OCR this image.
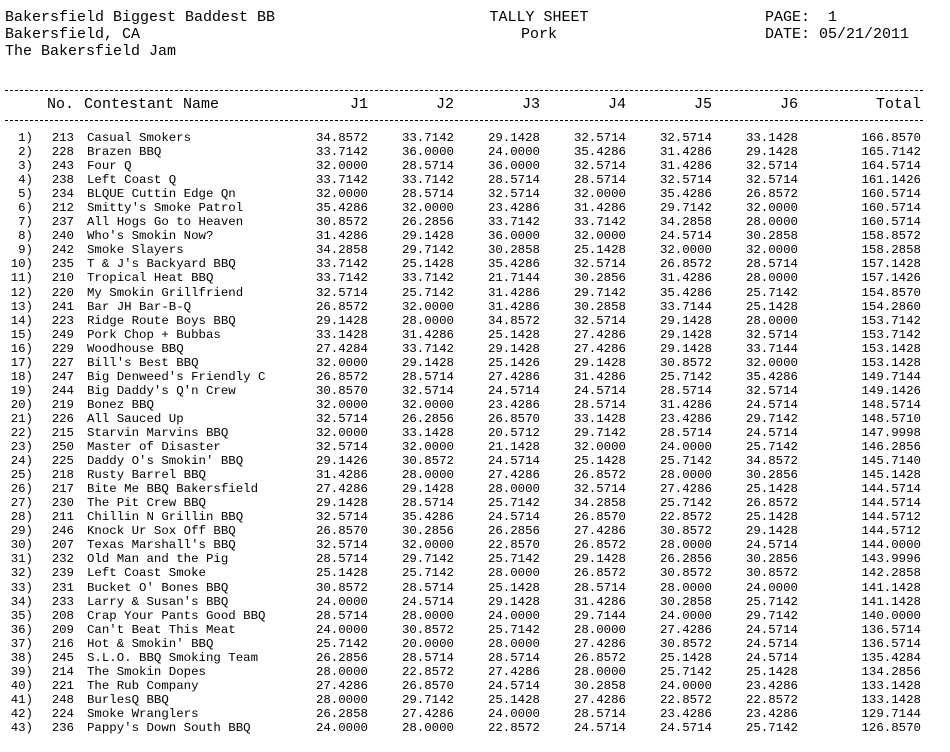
Bakersfield Biggest Baddest BB
Bakersfield, CA
The Bakersfield Jam
TALLY SHEET
Pork
PAGE:  1
DATE: 05/21/2011
No. Contestant Name	J1	J2	J3	J4	J5	J6	Total
1)	213 Casual Smokers	34.8572	33.7142	29.1428	32.5714	32.5714	33.1428	166.8570
2)	228 Brazen BBQ	33.7142	36.0000	24.0000	35.4286	31.4286	29.1428	165.7142
3)	243 Four Q	32.0000	28.5714	36.0000	32.5714	31.4286	32.5714	164.5714
4)	238 Left Coast Q	33.7142	33.7142	28.5714	28.5714	32.5714	32.5714	161.1426
5)	234 BLQUE Cuttin Edge Qn	32.0000	28.5714	32.5714	32.0000	35.4286	26.8572	160.5714
6)	212 Smitty's Smoke Patrol	35.4286	32.0000	23.4286	31.4286	29.7142	32.0000	160.5714
7)	237 All Hogs Go to Heaven	30.8572	26.2856	33.7142	33.7142	34.2858	28.0000	160.5714
8)	240 Who's Smokin Now?	31.4286	29.1428	36.0000	32.0000	24.5714	30.2858	158.8572
9)	242 Smoke Slayers	34.2858	29.7142	30.2858	25.1428	32.0000	32.0000	158.2858
10)	235 T & J's Backyard BBQ	33.7142	25.1428	35.4286	32.5714	26.8572	28.5714	157.1428
11)	210 Tropical Heat BBQ	33.7142	33.7142	21.7144	30.2856	31.4286	28.0000	157.1426
12)	220 My Smokin Grillfriend	32.5714	25.7142	31.4286	29.7142	35.4286	25.7142	154.8570
13)	241 Bar JH Bar-B-Q	26.8572	32.0000	31.4286	30.2858	33.7144	25.1428	154.2860
14)	223 Ridge Route Boys BBQ	29.1428	28.0000	34.8572	32.5714	29.1428	28.0000	153.7142
15)	249 Pork Chop + Bubbas	33.1428	31.4286	25.1428	27.4286	29.1428	32.5714	153.7142
16)	229 Woodhouse BBQ	27.4284	33.7142	29.1428	27.4286	29.1428	33.7144	153.1428
17)	227 Bill's Best BBQ	32.0000	29.1428	25.1426	29.1428	30.8572	32.0000	153.1428
18)	247 Big Denweed's Friendly C	26.8572	28.5714	27.4286	31.4286	25.7142	35.4286	149.7144
19)	244 Big Daddy's Q'n Crew	30.8570	32.5714	24.5714	24.5714	28.5714	32.5714	149.1426
20)	219 Bonez BBQ	32.0000	32.0000	23.4286	28.5714	31.4286	24.5714	148.5714
21)	226 All Sauced Up	32.5714	26.2856	26.8570	33.1428	23.4286	29.7142	148.5710
22)	215 Starvin Marvins BBQ	32.0000	33.1428	20.5712	29.7142	28.5714	24.5714	147.9998
23)	250 Master of Disaster	32.5714	32.0000	21.1428	32.0000	24.0000	25.7142	146.2856
24)	225 Daddy O's Smokin' BBQ	29.1426	30.8572	24.5714	25.1428	25.7142	34.8572	145.7140
25)	218 Rusty Barrel BBQ	31.4286	28.0000	27.4286	26.8572	28.0000	30.2856	145.1428
26)	217 Bite Me BBQ Bakersfield	27.4286	29.1428	28.0000	32.5714	27.4286	25.1428	144.5714
27)	230 The Pit Crew BBQ	29.1428	28.5714	25.7142	34.2858	25.7142	26.8572	144.5714
28)	211 Chillin N Grillin BBQ	32.5714	35.4286	24.5714	26.8570	22.8572	25.1428	144.5712
29)	246 Knock Ur Sox Off BBQ	26.8570	30.2856	26.2856	27.4286	30.8572	29.1428	144.5712
30)	207 Texas Marshall's BBQ	32.5714	32.0000	22.8570	26.8572	28.0000	24.5714	144.0000
31)	232 Old Man and the Pig	28.5714	29.7142	25.7142	29.1428	26.2856	30.2856	143.9996
32)	239 Left Coast Smoke	25.1428	25.7142	28.0000	26.8572	30.8572	30.8572	142.2858
33)	231 Bucket O' Bones BBQ	30.8572	28.5714	25.1428	28.5714	28.0000	24.0000	141.1428
34)	233 Larry & Susan's BBQ	24.0000	24.5714	29.1428	31.4286	30.2858	25.7142	141.1428
35)	208 Crap Your Pants Good BBQ	28.5714	28.0000	24.0000	29.7144	24.0000	29.7142	140.0000
36)	209 Can't Beat This Meat	24.0000	30.8572	25.7142	28.0000	27.4286	24.5714	136.5714
37)	216 Hot & Smokin' BBQ	25.7142	20.0000	28.0000	27.4286	30.8572	24.5714	136.5714
38)	245 S.L.O. BBQ Smoking Team	26.2856	28.5714	28.5714	26.8572	25.1428	24.5714	135.4284
39)	214 The Smokin Dopes	28.0000	22.8572	27.4286	28.0000	25.7142	25.1428	134.2856
40)	221 The Rub Company	27.4286	26.8570	24.5714	30.2858	24.0000	23.4286	133.1428
41)	248 BurlesQ BBQ	28.0000	29.7142	25.1428	27.4286	22.8572	22.8572	133.1428
42)	224 Smoke Wranglers	26.2858	27.4286	24.0000	28.5714	23.4286	23.4286	129.7144
43)	236 Pappy's Down South BBQ	24.0000	28.0000	22.8572	24.5714	24.5714	25.7142	126.8570
